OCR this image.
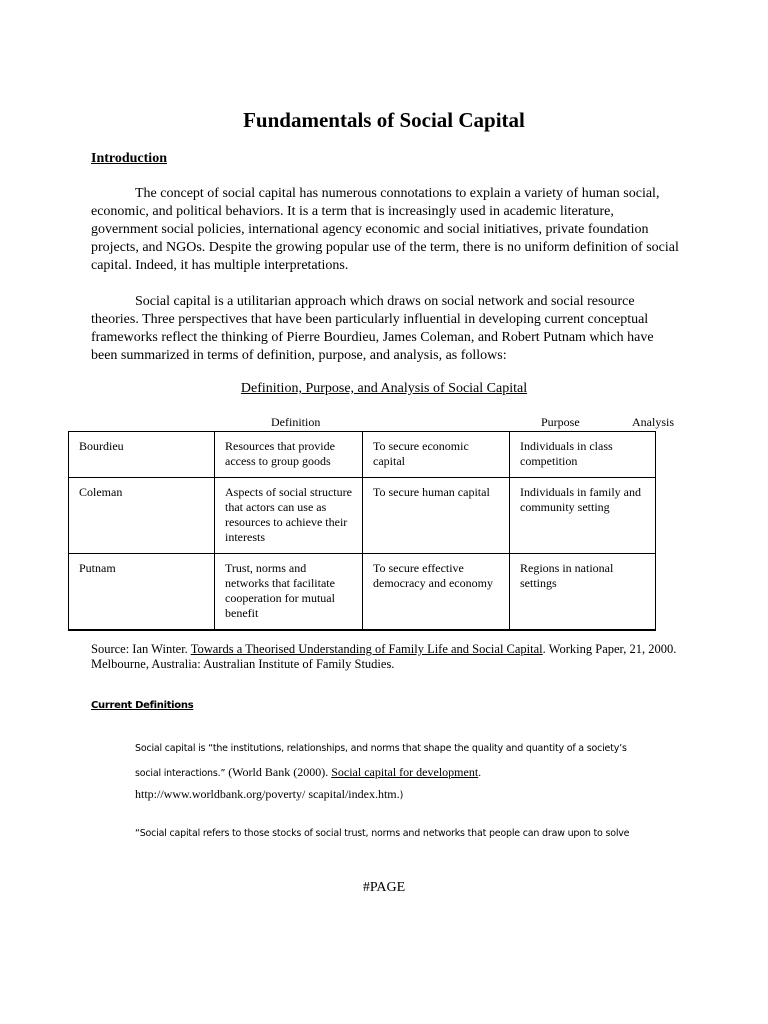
Fundamentals of Social Capital
Introduction
The concept of social capital has numerous connotations to explain a variety of human social, economic, and political behaviors. It is a term that is increasingly used in academic literature, government social policies, international agency economic and social initiatives, private foundation projects, and NGOs. Despite the growing popular use of the term, there is no uniform definition of social capital. Indeed, it has multiple interpretations.
Social capital is a utilitarian approach which draws on social network and social resource theories. Three perspectives that have been particularly influential in developing current conceptual frameworks reflect the thinking of Pierre Bourdieu, James Coleman, and Robert Putnam which have been summarized in terms of definition, purpose, and analysis, as follows:
Definition, Purpose, and Analysis of Social Capital
Definition	Purpose	Analysis
Bourdieu	Resources that provide access to group goods	To secure economic capital	Individuals in class competition
Coleman	Aspects of social structure that actors can use as resources to achieve their interests	To secure human capital	Individuals in family and community setting
Putnam	Trust, norms and networks that facilitate cooperation for mutual benefit	To secure effective democracy and economy	Regions in national settings
Source: Ian Winter. Towards a Theorised Understanding of Family Life and Social Capital. Working Paper, 21, 2000. Melbourne, Australia: Australian Institute of Family Studies.
Current Definitions
Social capital is “the institutions, relationships, and norms that shape the quality and quantity of a society’s
social interactions.” (World Bank (2000). Social capital for development.
http://www.worldbank.org/poverty/ scapital/index.htm.)
“Social capital refers to those stocks of social trust, norms and networks that people can draw upon to solve
#PAGE
